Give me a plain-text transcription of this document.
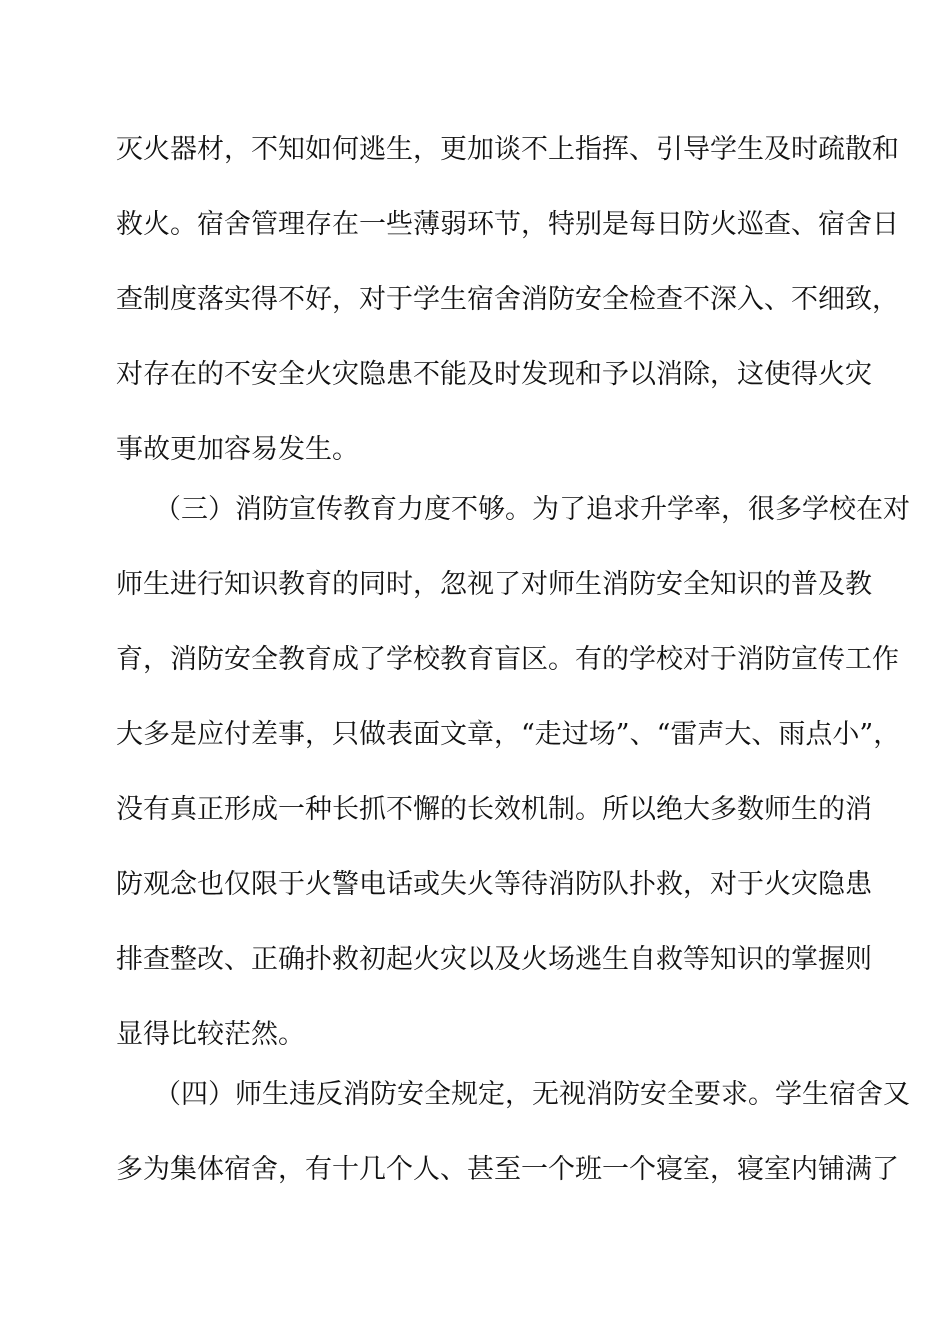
灭火器材，不知如何逃生，更加谈不上指挥、引导学生及时疏散和
救火。宿舍管理存在一些薄弱环节，特别是每日防火巡查、宿舍日
查制度落实得不好，对于学生宿舍消防安全检查不深入、不细致，
对存在的不安全火灾隐患不能及时发现和予以消除，这使得火灾
事故更加容易发生。
（三）消防宣传教育力度不够。为了追求升学率，很多学校在对
师生进行知识教育的同时，忽视了对师生消防安全知识的普及教
育，消防安全教育成了学校教育盲区。有的学校对于消防宣传工作
大多是应付差事，只做表面文章，“走过场”、“雷声大、雨点小”，
没有真正形成一种长抓不懈的长效机制。所以绝大多数师生的消
防观念也仅限于火警电话或失火等待消防队扑救，对于火灾隐患
排查整改、正确扑救初起火灾以及火场逃生自救等知识的掌握则
显得比较茫然。
（四）师生违反消防安全规定，无视消防安全要求。学生宿舍又
多为集体宿舍，有十几个人、甚至一个班一个寝室，寝室内铺满了
